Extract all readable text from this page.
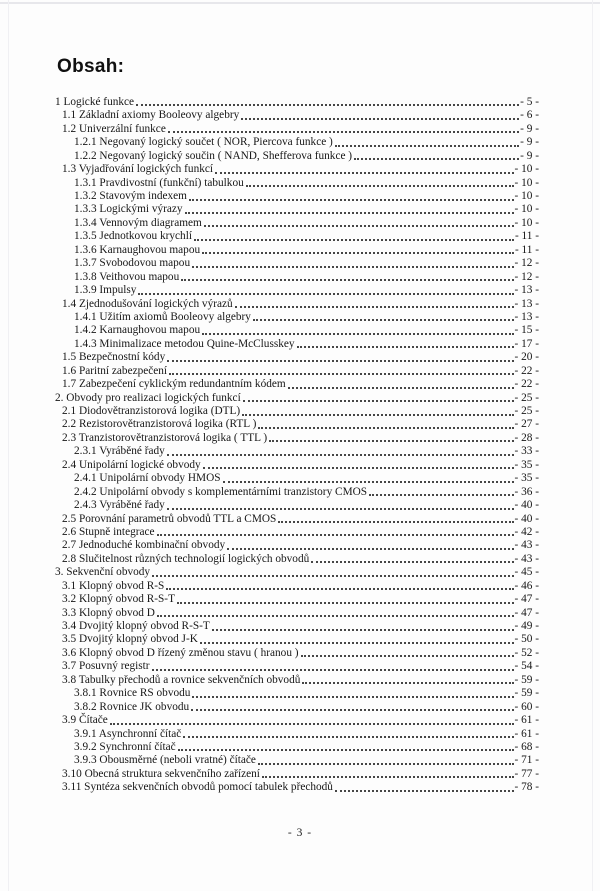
Obsah:
1 Logické funkce	- 5 -
1.1 Základní axiomy Booleovy algebry	- 6 -
1.2 Univerzální funkce	- 9 -
1.2.1 Negovaný logický součet ( NOR, Piercova funkce )	- 9 -
1.2.2 Negovaný logický součin ( NAND, Shefferova funkce )	- 9 -
1.3 Vyjadřování logických funkcí	- 10 -
1.3.1 Pravdivostní (funkční) tabulkou	- 10 -
1.3.2 Stavovým indexem	- 10 -
1.3.3 Logickými výrazy	- 10 -
1.3.4 Vennovým diagramem	- 10 -
1.3.5 Jednotkovou krychlí	- 11 -
1.3.6 Karnaughovou mapou	- 11 -
1.3.7 Svobodovou mapou	- 12 -
1.3.8 Veithovou mapou	- 12 -
1.3.9 Impulsy	- 13 -
1.4 Zjednodušování logických výrazů	- 13 -
1.4.1 Užitím axiomů Booleovy algebry	- 13 -
1.4.2 Karnaughovou mapou	- 15 -
1.4.3 Minimalizace metodou Quine-McClusskey	- 17 -
1.5 Bezpečnostní kódy	- 20 -
1.6 Paritní zabezpečení	- 22 -
1.7 Zabezpečení cyklickým redundantním kódem	- 22 -
2. Obvody pro realizaci logických funkcí	- 25 -
2.1 Diodovětranzistorová logika (DTL)	- 25 -
2.2 Rezistorovětranzistorová logika (RTL )	- 27 -
2.3 Tranzistorovětranzistorová logika ( TTL )	- 28 -
2.3.1 Vyráběné řady	- 33 -
2.4 Unipolární logické obvody	- 35 -
2.4.1 Unipolární obvody HMOS	- 35 -
2.4.2 Unipolární obvody s komplementárními tranzistory CMOS	- 36 -
2.4.3 Vyráběné řady	- 40 -
2.5 Porovnání parametrů obvodů TTL a CMOS	- 40 -
2.6 Stupně integrace	- 42 -
2.7 Jednoduché kombinační obvody	- 43 -
2.8 Slučitelnost různých technologií logických obvodů	- 43 -
3. Sekvenční obvody	- 45 -
3.1 Klopný obvod R-S	- 46 -
3.2 Klopný obvod R-S-T	- 47 -
3.3 Klopný obvod D	- 47 -
3.4 Dvojitý klopný obvod R-S-T	- 49 -
3.5 Dvojitý klopný obvod J-K	- 50 -
3.6 Klopný obvod D řízený změnou stavu ( hranou )	- 52 -
3.7 Posuvný registr	- 54 -
3.8 Tabulky přechodů a rovnice sekvenčních obvodů	- 59 -
3.8.1 Rovnice RS obvodu	- 59 -
3.8.2 Rovnice JK obvodu	- 60 -
3.9 Čítače	- 61 -
3.9.1 Asynchronní čítač	- 61 -
3.9.2 Synchronní čítač	- 68 -
3.9.3 Obousměrné (neboli vratné) čítače	- 71 -
3.10 Obecná struktura sekvenčního zařízení	- 77 -
3.11 Syntéza sekvenčních obvodů pomocí tabulek přechodů	- 78 -
- 3 -
